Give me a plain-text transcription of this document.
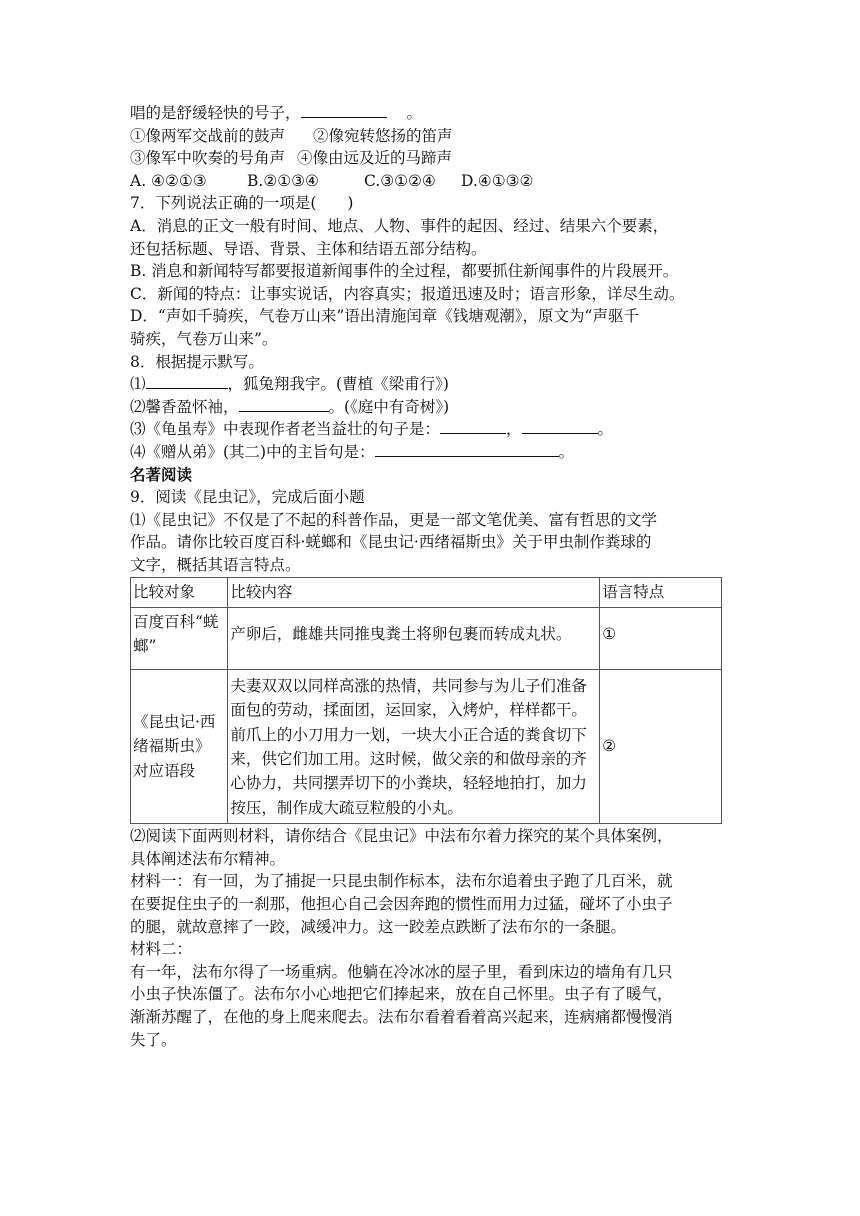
唱的是舒缓轻快的号子，	。
①像两军交战前的鼓声 ②像宛转悠扬的笛声
③像军中吹奏的号角声 ④像由远及近的马蹄声
A. ④②①③	B.②①③④	C.③①②④ D.④①③②
7．下列说法正确的一项是(　　)
A．消息的正文一般有时间、地点、人物、事件的起因、经过、结果六个要素，
还包括标题、导语、背景、主体和结语五部分结构。
B. 消息和新闻特写都要报道新闻事件的全过程，都要抓住新闻事件的片段展开。
C．新闻的特点：让事实说话，内容真实；报道迅速及时；语言形象，详尽生动。
D．“声如千骑疾，气卷万山来”语出清施闰章《钱塘观潮》，原文为“声驱千
骑疾，气卷万山来”。
8．根据提示默写。
⑴	，狐兔翔我宇。(曹植《梁甫行》)
⑵馨香盈怀袖，	。(《庭中有奇树》)
⑶《龟虽寿》中表现作者老当益壮的句子是：	，	。
⑷《赠从弟》(其二)中的主旨句是：	。
名著阅读
9．阅读《昆虫记》，完成后面小题
⑴《昆虫记》不仅是了不起的科普作品，更是一部文笔优美、富有哲思的文学
作品。请你比较百度百科·蜣螂和《昆虫记·西绪福斯虫》关于甲虫制作粪球的
文字，概括其语言特点。
比较对象	比较内容	语言特点
百度百科“蜣螂”	产卵后，雌雄共同推曳粪土将卵包裹而转成丸状。	①
《昆虫记·西绪福斯虫》对应语段	夫妻双双以同样高涨的热情，共同参与为儿子们准备面包的劳动，揉面团，运回家，入烤炉，样样都干。前爪上的小刀用力一划，一块大小正合适的粪食切下来，供它们加工用。这时候，做父亲的和做母亲的齐心协力，共同摆弄切下的小粪块，轻轻地拍打，加力按压，制作成大疏豆粒般的小丸。	②
⑵阅读下面两则材料，请你结合《昆虫记》中法布尔着力探究的某个具体案例，
具体阐述法布尔精神。
材料一：有一回，为了捕捉一只昆虫制作标本，法布尔追着虫子跑了几百米，就
在要捉住虫子的一刹那，他担心自己会因奔跑的惯性而用力过猛，碰坏了小虫子
的腿，就故意摔了一跤，减缓冲力。这一跤差点跌断了法布尔的一条腿。
材料二：
有一年，法布尔得了一场重病。他躺在冷冰冰的屋子里，看到床边的墙角有几只
小虫子快冻僵了。法布尔小心地把它们捧起来，放在自己怀里。虫子有了暖气，
渐渐苏醒了，在他的身上爬来爬去。法布尔看着看着高兴起来，连病痛都慢慢消
失了。
